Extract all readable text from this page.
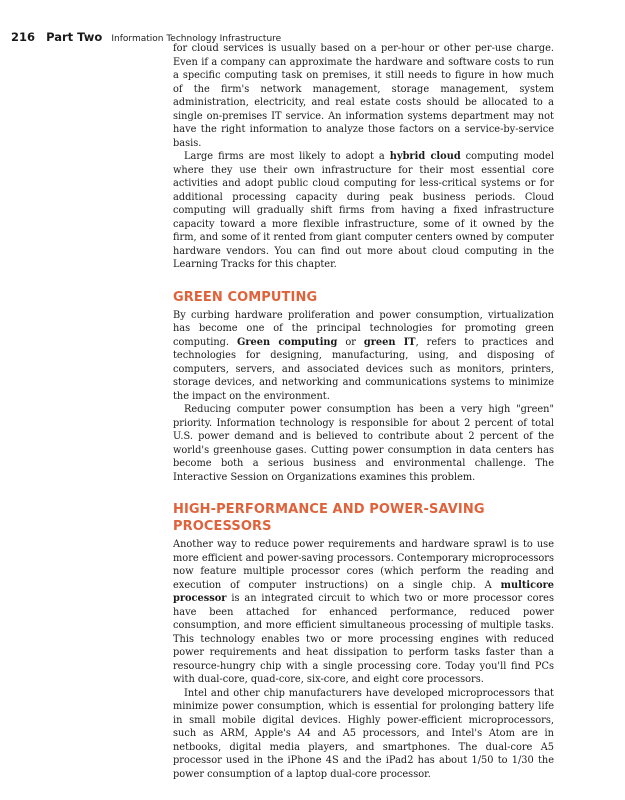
216 Part Two Information Technology Infrastructure

for cloud services is usually based on a per-hour or other per-use charge. Even if a company can approximate the hardware and software costs to run a specific computing task on premises, it still needs to figure in how much of the firm's network management, storage management, system administration, electricity, and real estate costs should be allocated to a single on-premises IT service. An information systems department may not have the right information to analyze those factors on a service-by-service basis.

Large firms are most likely to adopt a hybrid cloud computing model where they use their own infrastructure for their most essential core activities and adopt public cloud computing for less-critical systems or for additional processing capacity during peak business periods. Cloud computing will gradually shift firms from having a fixed infrastructure capacity toward a more flexible infrastructure, some of it owned by the firm, and some of it rented from giant computer centers owned by computer hardware vendors. You can find out more about cloud computing in the Learning Tracks for this chapter.

GREEN COMPUTING

By curbing hardware proliferation and power consumption, virtualization has become one of the principal technologies for promoting green computing. Green computing or green IT, refers to practices and technologies for designing, manufacturing, using, and disposing of computers, servers, and associated devices such as monitors, printers, storage devices, and networking and communications systems to minimize the impact on the environment.

Reducing computer power consumption has been a very high "green" priority. Information technology is responsible for about 2 percent of total U.S. power demand and is believed to contribute about 2 percent of the world's greenhouse gases. Cutting power consumption in data centers has become both a serious business and environmental challenge. The Interactive Session on Organizations examines this problem.

HIGH-PERFORMANCE AND POWER-SAVING
PROCESSORS

Another way to reduce power requirements and hardware sprawl is to use more efficient and power-saving processors. Contemporary microprocessors now feature multiple processor cores (which perform the reading and execution of computer instructions) on a single chip. A multicore processor is an integrated circuit to which two or more processor cores have been attached for enhanced performance, reduced power consumption, and more efficient simultaneous processing of multiple tasks. This technology enables two or more processing engines with reduced power requirements and heat dissipation to perform tasks faster than a resource-hungry chip with a single processing core. Today you'll find PCs with dual-core, quad-core, six-core, and eight core processors.

Intel and other chip manufacturers have developed microprocessors that minimize power consumption, which is essential for prolonging battery life in small mobile digital devices. Highly power-efficient microprocessors, such as ARM, Apple's A4 and A5 processors, and Intel's Atom are in netbooks, digital media players, and smartphones. The dual-core A5 processor used in the iPhone 4S and the iPad2 has about 1/50 to 1/30 the power consumption of a laptop dual-core processor.
